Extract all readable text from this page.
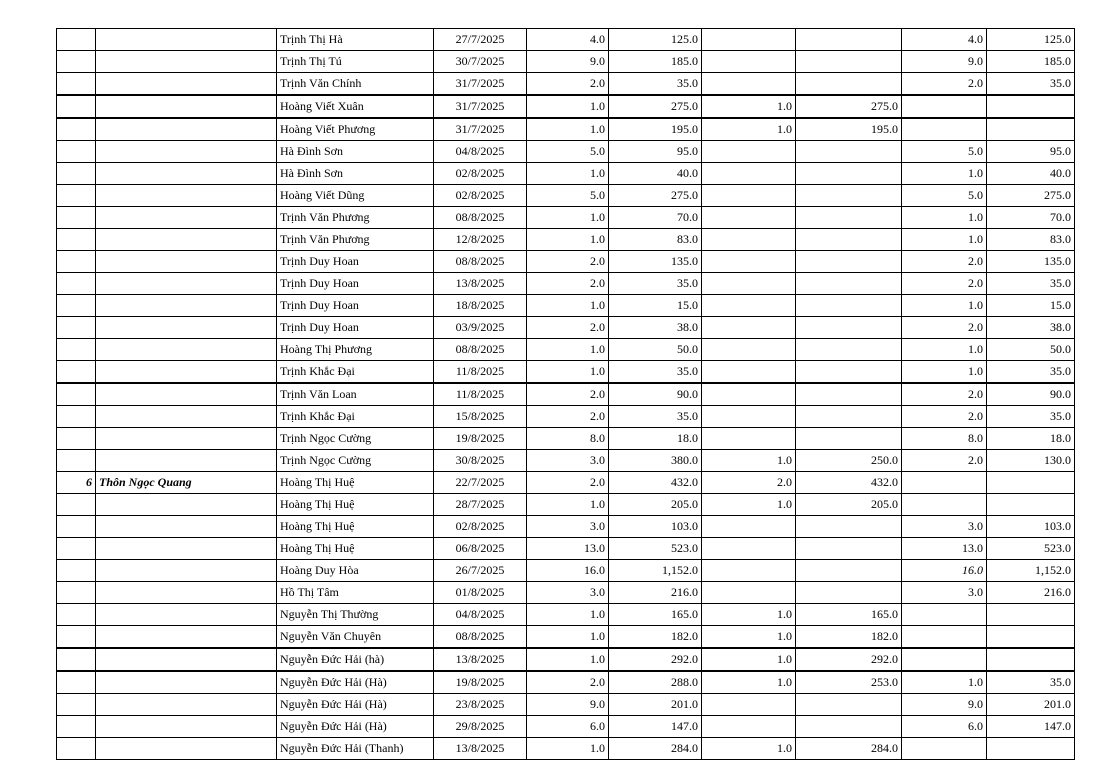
		Trịnh Thị Hà	27/7/2025	4.0	125.0			4.0	125.0
		Trịnh Thị Tú	30/7/2025	9.0	185.0			9.0	185.0
		Trịnh Văn Chính	31/7/2025	2.0	35.0			2.0	35.0
		Hoàng Viết Xuân	31/7/2025	1.0	275.0	1.0	275.0		
		Hoàng Viết Phương	31/7/2025	1.0	195.0	1.0	195.0		
		Hà Đình Sơn	04/8/2025	5.0	95.0			5.0	95.0
		Hà Đình Sơn	02/8/2025	1.0	40.0			1.0	40.0
		Hoàng Viết Dũng	02/8/2025	5.0	275.0			5.0	275.0
		Trịnh Văn Phương	08/8/2025	1.0	70.0			1.0	70.0
		Trịnh Văn Phương	12/8/2025	1.0	83.0			1.0	83.0
		Trịnh Duy Hoan	08/8/2025	2.0	135.0			2.0	135.0
		Trịnh Duy Hoan	13/8/2025	2.0	35.0			2.0	35.0
		Trịnh Duy Hoan	18/8/2025	1.0	15.0			1.0	15.0
		Trịnh Duy Hoan	03/9/2025	2.0	38.0			2.0	38.0
		Hoàng Thị Phương	08/8/2025	1.0	50.0			1.0	50.0
		Trịnh Khắc Đại	11/8/2025	1.0	35.0			1.0	35.0
		Trịnh Văn Loan	11/8/2025	2.0	90.0			2.0	90.0
		Trịnh Khắc Đại	15/8/2025	2.0	35.0			2.0	35.0
		Trịnh Ngọc Cường	19/8/2025	8.0	18.0			8.0	18.0
		Trịnh Ngọc Cường	30/8/2025	3.0	380.0	1.0	250.0	2.0	130.0
6	Thôn Ngọc Quang	Hoàng Thị Huệ	22/7/2025	2.0	432.0	2.0	432.0		
		Hoàng Thị Huệ	28/7/2025	1.0	205.0	1.0	205.0		
		Hoàng Thị Huệ	02/8/2025	3.0	103.0			3.0	103.0
		Hoàng Thị Huệ	06/8/2025	13.0	523.0			13.0	523.0
		Hoàng Duy Hòa	26/7/2025	16.0	1,152.0			16.0	1,152.0
		Hồ Thị Tâm	01/8/2025	3.0	216.0			3.0	216.0
		Nguyễn Thị Thường	04/8/2025	1.0	165.0	1.0	165.0		
		Nguyễn Văn Chuyên	08/8/2025	1.0	182.0	1.0	182.0		
		Nguyễn Đức Hải (hà)	13/8/2025	1.0	292.0	1.0	292.0		
		Nguyễn Đức Hải (Hà)	19/8/2025	2.0	288.0	1.0	253.0	1.0	35.0
		Nguyễn Đức Hải (Hà)	23/8/2025	9.0	201.0			9.0	201.0
		Nguyễn Đức Hải (Hà)	29/8/2025	6.0	147.0			6.0	147.0
		Nguyễn Đức Hải (Thanh)	13/8/2025	1.0	284.0	1.0	284.0		
